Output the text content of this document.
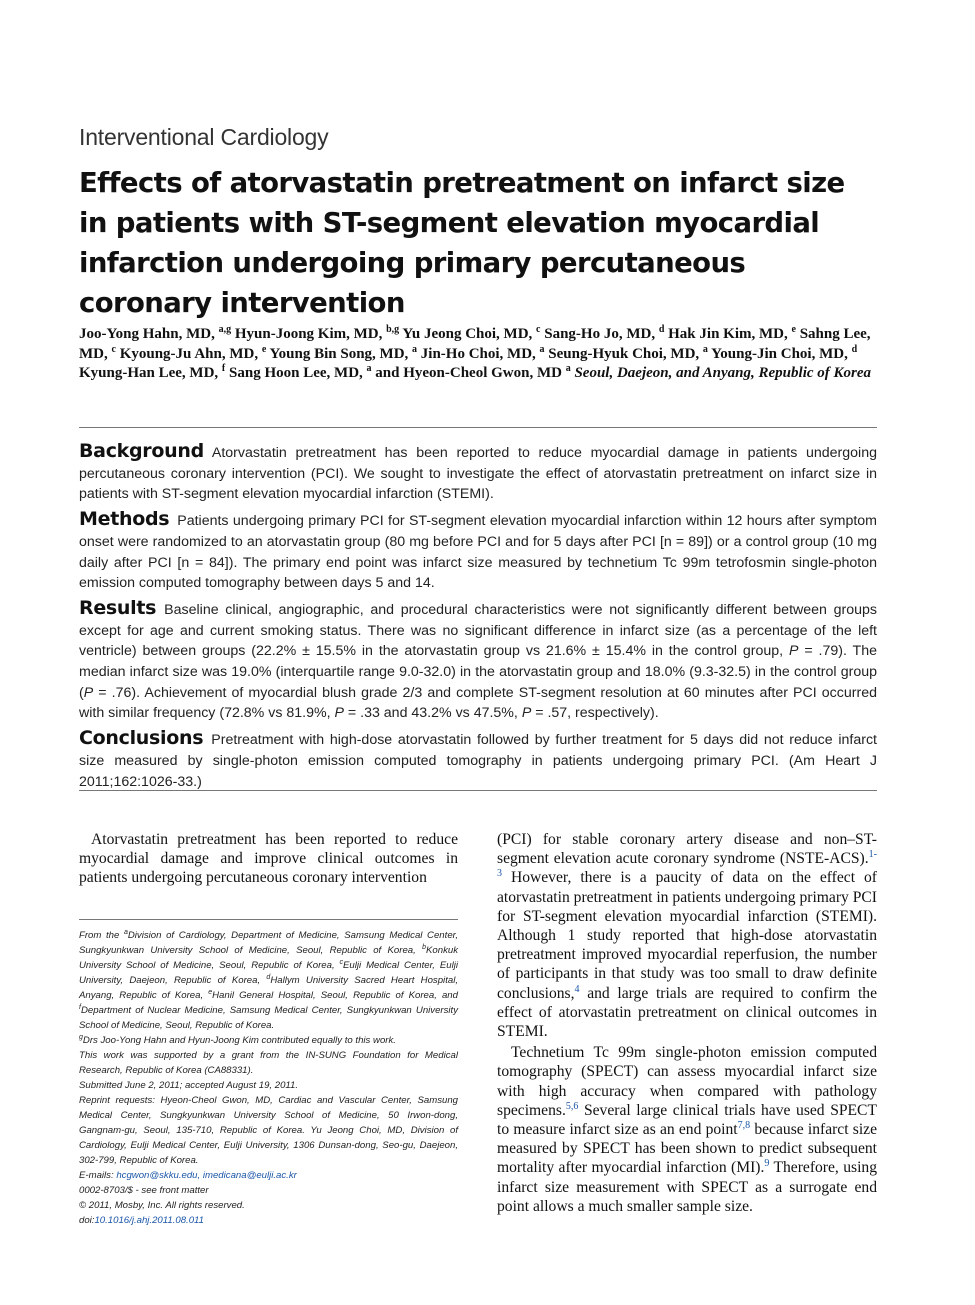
Interventional Cardiology
Effects of atorvastatin pretreatment on infarct size in patients with ST-segment elevation myocardial infarction undergoing primary percutaneous coronary intervention
Joo-Yong Hahn, MD, $^{a,g}$ Hyun-Joong Kim, MD, $^{b,g}$ Yu Jeong Choi, MD, $^c$ Sang-Ho Jo, MD, $^d$ Hak Jin Kim, MD, $^e$ Sahng Lee, MD, $^c$ Kyoung-Ju Ahn, MD, $^e$ Young Bin Song, MD, $^a$ Jin-Ho Choi, MD, $^a$ Seung-Hyuk Choi, MD, $^a$ Young-Jin Choi, MD, $^d$ Kyung-Han Lee, MD, $^f$ Sang Hoon Lee, MD, $^a$ and Hyeon-Cheol Gwon, MD $^a$ Seoul, Daejeon, and Anyang, Republic of Korea

Background Atorvastatin pretreatment has been reported to reduce myocardial damage in patients undergoing percutaneous coronary intervention (PCI). We sought to investigate the effect of atorvastatin pretreatment on infarct size in patients with ST-segment elevation myocardial infarction (STEMI).

Methods Patients undergoing primary PCI for ST-segment elevation myocardial infarction within 12 hours after symptom onset were randomized to an atorvastatin group (80 mg before PCI and for 5 days after PCI [n = 89]) or a control group (10 mg daily after PCI [n = 84]). The primary end point was infarct size measured by technetium Tc 99m tetrofosmin single-photon emission computed tomography between days 5 and 14.

Results Baseline clinical, angiographic, and procedural characteristics were not significantly different between groups except for age and current smoking status. There was no significant difference in infarct size (as a percentage of the left ventricle) between groups (22.2% ± 15.5% in the atorvastatin group vs 21.6% ± 15.4% in the control group, P = .79). The median infarct size was 19.0% (interquartile range 9.0-32.0) in the atorvastatin group and 18.0% (9.3-32.5) in the control group (P = .76). Achievement of myocardial blush grade 2/3 and complete ST-segment resolution at 60 minutes after PCI occurred with similar frequency (72.8% vs 81.9%, P = .33 and 43.2% vs 47.5%, P = .57, respectively).

Conclusions Pretreatment with high-dose atorvastatin followed by further treatment for 5 days did not reduce infarct size measured by single-photon emission computed tomography in patients undergoing primary PCI. (Am Heart J 2011;162:1026-33.)

Atorvastatin pretreatment has been reported to reduce myocardial damage and improve clinical outcomes in patients undergoing percutaneous coronary intervention

From the $^a$Division of Cardiology, Department of Medicine, Samsung Medical Center, Sungkyunkwan University School of Medicine, Seoul, Republic of Korea, $^b$Konkuk University School of Medicine, Seoul, Republic of Korea, $^c$Eulji Medical Center, Eulji University, Daejeon, Republic of Korea, $^d$Hallym University Sacred Heart Hospital, Anyang, Republic of Korea, $^e$Hanil General Hospital, Seoul, Republic of Korea, and $^f$Department of Nuclear Medicine, Samsung Medical Center, Sungkyunkwan University School of Medicine, Seoul, Republic of Korea.

$^g$Drs Joo-Yong Hahn and Hyun-Joong Kim contributed equally to this work.

This work was supported by a grant from the IN-SUNG Foundation for Medical Research, Republic of Korea (CA88331).

Submitted June 2, 2011; accepted August 19, 2011.

Reprint requests: Hyeon-Cheol Gwon, MD, Cardiac and Vascular Center, Samsung Medical Center, Sungkyunkwan University School of Medicine, 50 Irwon-dong, Gangnam-gu, Seoul, 135-710, Republic of Korea. Yu Jeong Choi, MD, Division of Cardiology, Eulji Medical Center, Eulji University, 1306 Dunsan-dong, Seo-gu, Daejeon, 302-799, Republic of Korea.

E-mails: hcgwon@skku.edu, imedicana@eulji.ac.kr

0002-8703/$ - see front matter

© 2011, Mosby, Inc. All rights reserved.

doi:10.1016/j.ahj.2011.08.011

(PCI) for stable coronary artery disease and non–ST-segment elevation acute coronary syndrome (NSTE-ACS).$^{1-3}$ However, there is a paucity of data on the effect of atorvastatin pretreatment in patients undergoing primary PCI for ST-segment elevation myocardial infarction (STEMI). Although 1 study reported that high-dose atorvastatin pretreatment improved myocardial reperfusion, the number of participants in that study was too small to draw definite conclusions,$^4$ and large trials are required to confirm the effect of atorvastatin pretreatment on clinical outcomes in STEMI.

Technetium Tc 99m single-photon emission computed tomography (SPECT) can assess myocardial infarct size with high accuracy when compared with pathology specimens.$^{5,6}$ Several large clinical trials have used SPECT to measure infarct size as an end point$^{7,8}$ because infarct size measured by SPECT has been shown to predict subsequent mortality after myocardial infarction (MI).$^9$ Therefore, using infarct size measurement with SPECT as a surrogate end point allows a much smaller sample size.
